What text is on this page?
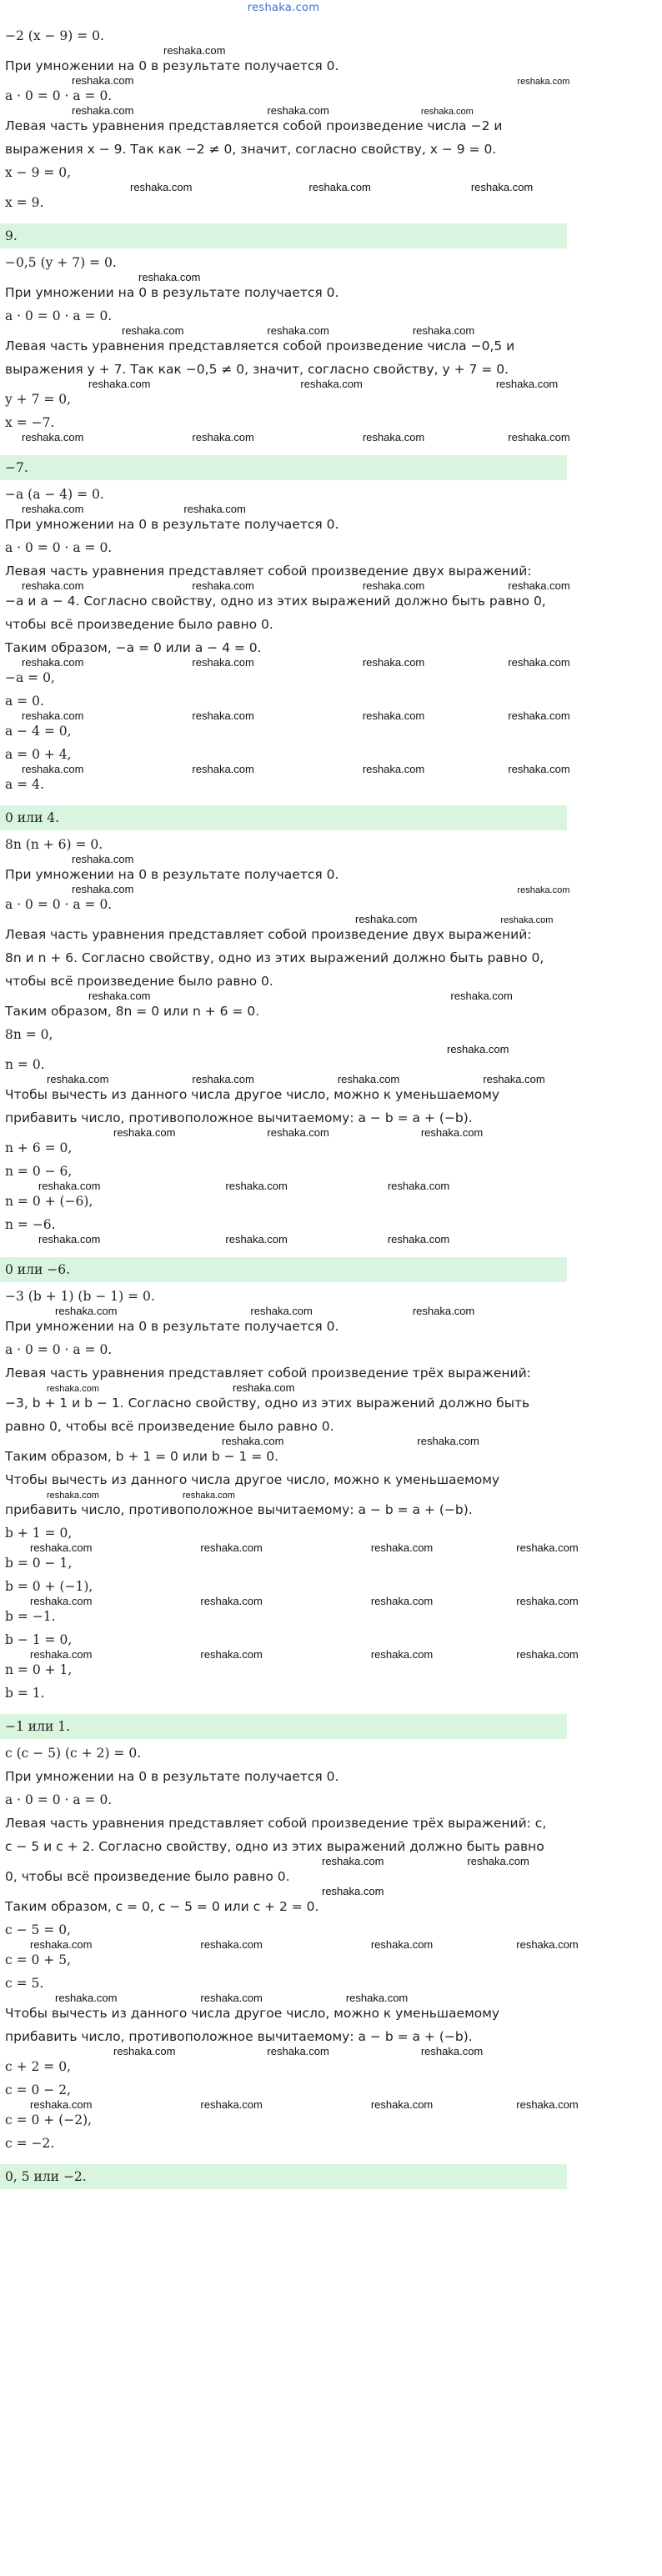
reshaka.com
−2 (x − 9) = 0.
reshaka.com
При умножении на 0 в результате получается 0.
reshaka.com	reshaka.com
a · 0 = 0 · a = 0.
reshaka.com	reshaka.com	reshaka.com
Левая часть уравнения представляется собой произведение числа −2 и
выражения x − 9. Так как −2 ≠ 0, значит, согласно свойству, x − 9 = 0.
x − 9 = 0,
reshaka.com	reshaka.com	reshaka.com
x = 9.
9.
−0,5 (y + 7) = 0.
reshaka.com
При умножении на 0 в результате получается 0.
a · 0 = 0 · a = 0.
reshaka.com	reshaka.com	reshaka.com
Левая часть уравнения представляется собой произведение числа −0,5 и
выражения y + 7. Так как −0,5 ≠ 0, значит, согласно свойству, y + 7 = 0.
reshaka.com	reshaka.com	reshaka.com
y + 7 = 0,
x = −7.
reshaka.com	reshaka.com	reshaka.com	reshaka.com
−7.
−a (a − 4) = 0.
reshaka.com	reshaka.com
При умножении на 0 в результате получается 0.
a · 0 = 0 · a = 0.
Левая часть уравнения представляет собой произведение двух выражений:
reshaka.com	reshaka.com	reshaka.com	reshaka.com
−a и a − 4. Согласно свойству, одно из этих выражений должно быть равно 0,
чтобы всё произведение было равно 0.
Таким образом, −a = 0 или a − 4 = 0.
reshaka.com	reshaka.com	reshaka.com	reshaka.com
−a = 0,
a = 0.
reshaka.com	reshaka.com	reshaka.com	reshaka.com
a − 4 = 0,
a = 0 + 4,
reshaka.com	reshaka.com	reshaka.com	reshaka.com
a = 4.
0 или 4.
8n (n + 6) = 0.
reshaka.com
При умножении на 0 в результате получается 0.
reshaka.com	reshaka.com
a · 0 = 0 · a = 0.
reshaka.com	reshaka.com
Левая часть уравнения представляет собой произведение двух выражений:
8n и n + 6. Согласно свойству, одно из этих выражений должно быть равно 0,
чтобы всё произведение было равно 0.
reshaka.com	reshaka.com
Таким образом, 8n = 0 или n + 6 = 0.
8n = 0,
reshaka.com
n = 0.
reshaka.com	reshaka.com	reshaka.com	reshaka.com
Чтобы вычесть из данного числа другое число, можно к уменьшаемому
прибавить число, противоположное вычитаемому: a − b = a + (−b).
reshaka.com	reshaka.com	reshaka.com
n + 6 = 0,
n = 0 − 6,
reshaka.com	reshaka.com	reshaka.com
n = 0 + (−6),
n = −6.
reshaka.com	reshaka.com	reshaka.com
0 или −6.
−3 (b + 1) (b − 1) = 0.
reshaka.com	reshaka.com	reshaka.com
При умножении на 0 в результате получается 0.
a · 0 = 0 · a = 0.
Левая часть уравнения представляет собой произведение трёх выражений:
reshaka.com	reshaka.com
−3, b + 1 и b − 1. Согласно свойству, одно из этих выражений должно быть
равно 0, чтобы всё произведение было равно 0.
reshaka.com	reshaka.com
Таким образом, b + 1 = 0 или b − 1 = 0.
Чтобы вычесть из данного числа другое число, можно к уменьшаемому
reshaka.com	reshaka.com
прибавить число, противоположное вычитаемому: a − b = a + (−b).
b + 1 = 0,
reshaka.com	reshaka.com	reshaka.com	reshaka.com
b = 0 − 1,
b = 0 + (−1),
reshaka.com	reshaka.com	reshaka.com	reshaka.com
b = −1.
b − 1 = 0,
reshaka.com	reshaka.com	reshaka.com	reshaka.com
n = 0 + 1,
b = 1.
−1 или 1.
c (c − 5) (c + 2) = 0.
При умножении на 0 в результате получается 0.
a · 0 = 0 · a = 0.
Левая часть уравнения представляет собой произведение трёх выражений: c,
c − 5 и c + 2. Согласно свойству, одно из этих выражений должно быть равно
reshaka.com	reshaka.com
0, чтобы всё произведение было равно 0.
reshaka.com
Таким образом, c = 0, c − 5 = 0 или c + 2 = 0.
c − 5 = 0,
reshaka.com	reshaka.com	reshaka.com	reshaka.com
c = 0 + 5,
c = 5.
reshaka.com	reshaka.com	reshaka.com
Чтобы вычесть из данного числа другое число, можно к уменьшаемому
прибавить число, противоположное вычитаемому: a − b = a + (−b).
reshaka.com	reshaka.com	reshaka.com
c + 2 = 0,
c = 0 − 2,
reshaka.com	reshaka.com	reshaka.com	reshaka.com
c = 0 + (−2),
c = −2.
0, 5 или −2.
